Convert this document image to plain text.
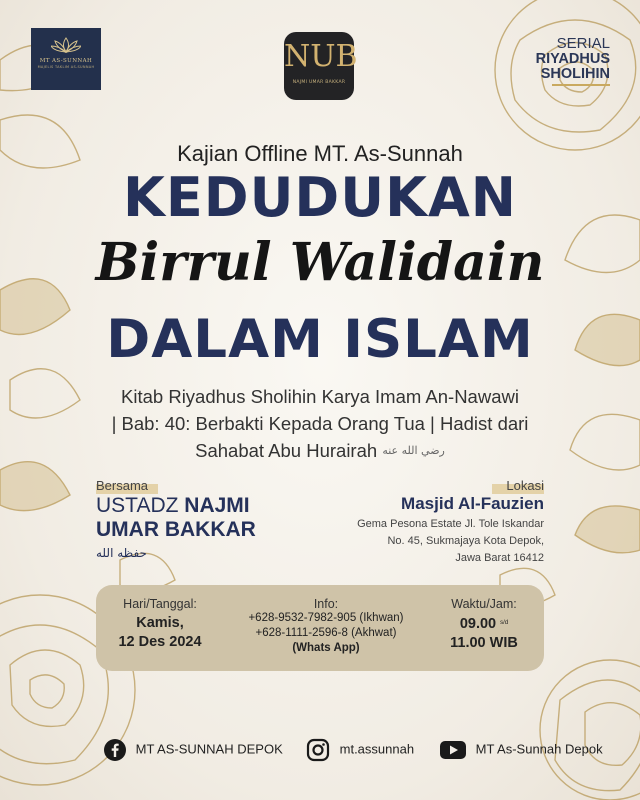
MT AS-SUNNAH
MAJELIS TAKLIM AS-SUNNAH	NUB
NAJMI UMAR BAKKAR
SERIAL
RIYADHUS
SHOLIHIN
Kajian Offline MT. As-Sunnah
KEDUDUKAN
Birrul Walidain
DALAM ISLAM
Kitab Riyadhus Sholihin Karya Imam An-Nawawi
| Bab: 40: Berbakti Kepada Orang Tua | Hadist dari
Sahabat Abu Hurairah رضي الله عنه
Bersama
USTADZ NAJMI
UMAR BAKKAR
حفظه الله
Lokasi
Masjid Al-Fauzien
Gema Pesona Estate Jl. Tole Iskandar
No. 45, Sukmajaya Kota Depok,
Jawa Barat 16412
Hari/Tanggal:
Kamis,
12 Des 2024
Info:
+628-9532-7982-905 (Ikhwan)
+628-1111-2596-8 (Akhwat)
(Whats App)
Waktu/Jam:
09.00 $^{s/d}$
11.00 WIB
MT AS-SUNNAH DEPOK	mt.assunnah	MT As-Sunnah Depok
